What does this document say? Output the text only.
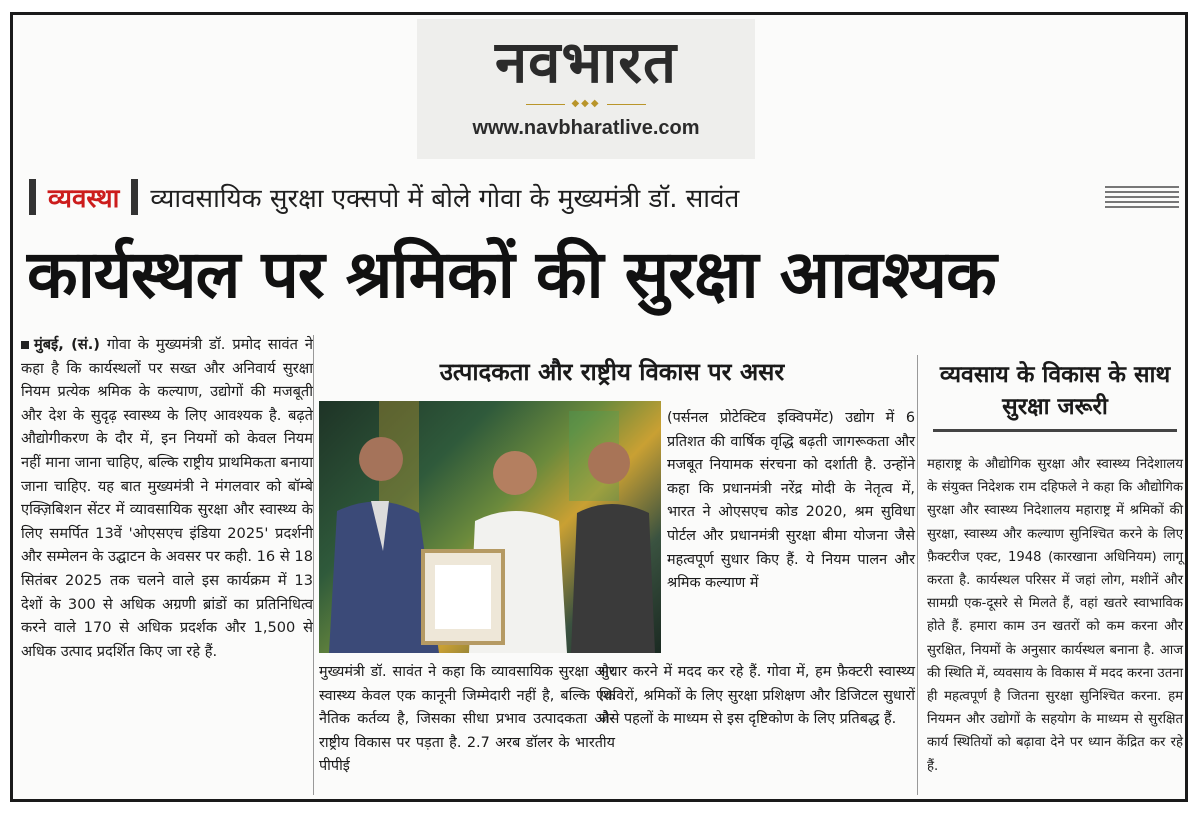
नवभारत
◆◆◆
www.navbharatlive.com
व्यवस्था व्यावसायिक सुरक्षा एक्सपो में बोले गोवा के मुख्यमंत्री डॉ. सावंत
कार्यस्थल पर श्रमिकों की सुरक्षा आवश्यक
मुंबई, (सं.) गोवा के मुख्यमंत्री डॉ. प्रमोद सावंत ने कहा है कि कार्यस्थलों पर सख्त और अनिवार्य सुरक्षा नियम प्रत्येक श्रमिक के कल्याण, उद्योगों की मजबूती और देश के सुदृढ़ स्वास्थ्य के लिए आवश्यक है. बढ़ते औद्योगीकरण के दौर में, इन नियमों को केवल नियम नहीं माना जाना चाहिए, बल्कि राष्ट्रीय प्राथमिकता बनाया जाना चाहिए. यह बात मुख्यमंत्री ने मंगलवार को बॉम्बे एक्ज़िबिशन सेंटर में व्यावसायिक सुरक्षा और स्वास्थ्य के लिए समर्पित 13वें 'ओएसएच इंडिया 2025' प्रदर्शनी और सम्मेलन के उद्घाटन के अवसर पर कही. 16 से 18 सितंबर 2025 तक चलने वाले इस कार्यक्रम में 13 देशों के 300 से अधिक अग्रणी ब्रांडों का प्रतिनिधित्व करने वाले 170 से अधिक प्रदर्शक और 1,500 से अधिक उत्पाद प्रदर्शित किए जा रहे हैं.
उत्पादकता और राष्ट्रीय विकास पर असर
(पर्सनल प्रोटेक्टिव इक्विपमेंट) उद्योग में 6 प्रतिशत की वार्षिक वृद्धि बढ़ती जागरूकता और मजबूत नियामक संरचना को दर्शाती है. उन्होंने कहा कि प्रधानमंत्री नरेंद्र मोदी के नेतृत्व में, भारत ने ओएसएच कोड 2020, श्रम सुविधा पोर्टल और प्रधानमंत्री सुरक्षा बीमा योजना जैसे महत्वपूर्ण सुधार किए हैं. ये नियम पालन और श्रमिक कल्याण में
मुख्यमंत्री डॉ. सावंत ने कहा कि व्यावसायिक सुरक्षा और स्वास्थ्य केवल एक कानूनी जिम्मेदारी नहीं है, बल्कि एक नैतिक कर्तव्य है, जिसका सीधा प्रभाव उत्पादकता और राष्ट्रीय विकास पर पड़ता है. 2.7 अरब डॉलर के भारतीय पीपीई
सुधार करने में मदद कर रहे हैं. गोवा में, हम फ़ैक्टरी स्वास्थ्य शिविरों, श्रमिकों के लिए सुरक्षा प्रशिक्षण और डिजिटल सुधारों जैसे पहलों के माध्यम से इस दृष्टिकोण के लिए प्रतिबद्ध हैं.
व्यवसाय के विकास के साथ सुरक्षा जरूरी
महाराष्ट्र के औद्योगिक सुरक्षा और स्वास्थ्य निदेशालय के संयुक्त निदेशक राम दहिफले ने कहा कि औद्योगिक सुरक्षा और स्वास्थ्य निदेशालय महाराष्ट्र में श्रमिकों की सुरक्षा, स्वास्थ्य और कल्याण सुनिश्चित करने के लिए फ़ैक्टरीज एक्ट, 1948 (कारखाना अधिनियम) लागू करता है. कार्यस्थल परिसर में जहां लोग, मशीनें और सामग्री एक-दूसरे से मिलते हैं, वहां खतरे स्वाभाविक होते हैं. हमारा काम उन खतरों को कम करना और सुरक्षित, नियमों के अनुसार कार्यस्थल बनाना है. आज की स्थिति में, व्यवसाय के विकास में मदद करना उतना ही महत्वपूर्ण है जितना सुरक्षा सुनिश्चित करना. हम नियमन और उद्योगों के सहयोग के माध्यम से सुरक्षित कार्य स्थितियों को बढ़ावा देने पर ध्यान केंद्रित कर रहे हैं.
